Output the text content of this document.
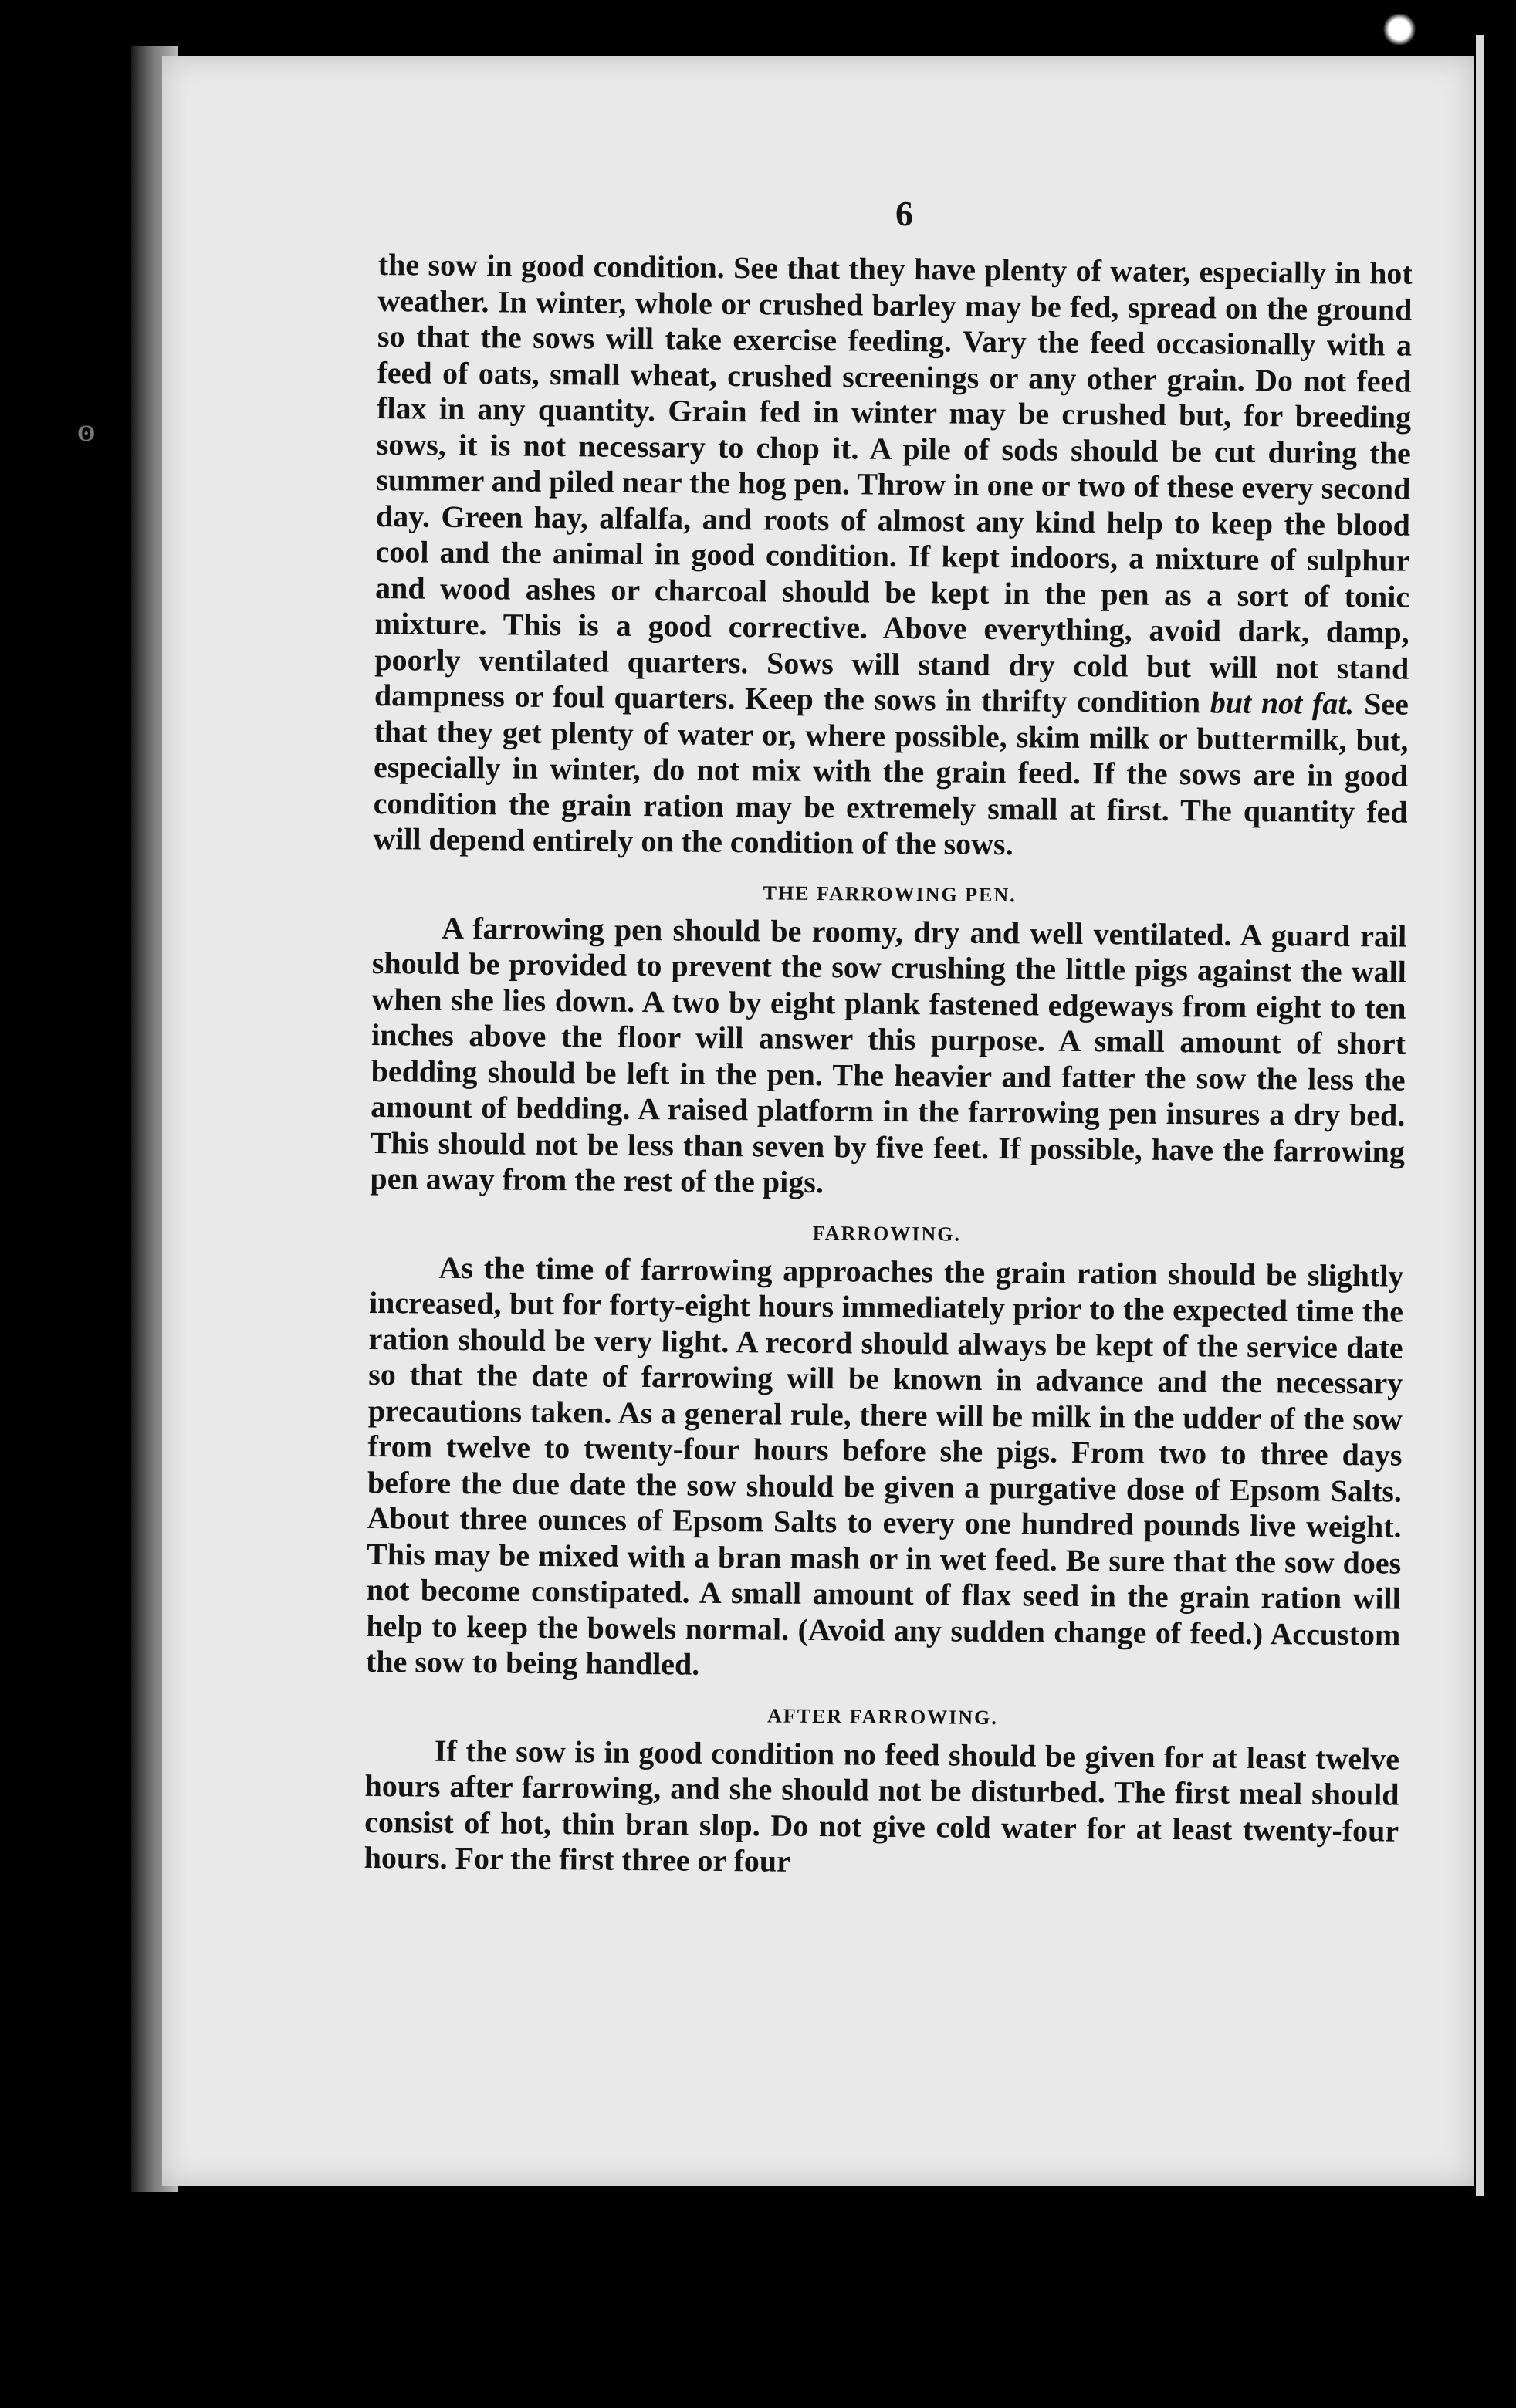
ʘ
6

the sow in good condition. See that they have plenty of water, especially in hot weather. In winter, whole or crushed barley may be fed, spread on the ground so that the sows will take exercise feeding. Vary the feed occasionally with a feed of oats, small wheat, crushed screenings or any other grain. Do not feed flax in any quantity. Grain fed in winter may be crushed but, for breeding sows, it is not necessary to chop it. A pile of sods should be cut during the summer and piled near the hog pen. Throw in one or two of these every second day. Green hay, alfalfa, and roots of almost any kind help to keep the blood cool and the animal in good condition. If kept indoors, a mixture of sulphur and wood ashes or charcoal should be kept in the pen as a sort of tonic mixture. This is a good corrective. Above everything, avoid dark, damp, poorly ventilated quarters. Sows will stand dry cold but will not stand dampness or foul quarters. Keep the sows in thrifty condition but not fat. See that they get plenty of water or, where possible, skim milk or buttermilk, but, especially in winter, do not mix with the grain feed. If the sows are in good condition the grain ration may be extremely small at first. The quantity fed will depend entirely on the condition of the sows.

THE FARROWING PEN.

A farrowing pen should be roomy, dry and well ventilated. A guard rail should be provided to prevent the sow crushing the little pigs against the wall when she lies down. A two by eight plank fastened edgeways from eight to ten inches above the floor will answer this purpose. A small amount of short bedding should be left in the pen. The heavier and fatter the sow the less the amount of bedding. A raised platform in the farrowing pen insures a dry bed. This should not be less than seven by five feet. If possible, have the farrowing pen away from the rest of the pigs.

FARROWING.

As the time of farrowing approaches the grain ration should be slightly increased, but for forty-eight hours immediately prior to the expected time the ration should be very light. A record should always be kept of the service date so that the date of farrowing will be known in advance and the necessary precautions taken. As a general rule, there will be milk in the udder of the sow from twelve to twenty-four hours before she pigs. From two to three days before the due date the sow should be given a purgative dose of Epsom Salts. About three ounces of Epsom Salts to every one hundred pounds live weight. This may be mixed with a bran mash or in wet feed. Be sure that the sow does not become constipated. A small amount of flax seed in the grain ration will help to keep the bowels normal. (Avoid any sudden change of feed.) Accustom the sow to being handled.

AFTER FARROWING.

If the sow is in good condition no feed should be given for at least twelve hours after farrowing, and she should not be disturbed. The first meal should consist of hot, thin bran slop. Do not give cold water for at least twenty-four hours. For the first three or four
